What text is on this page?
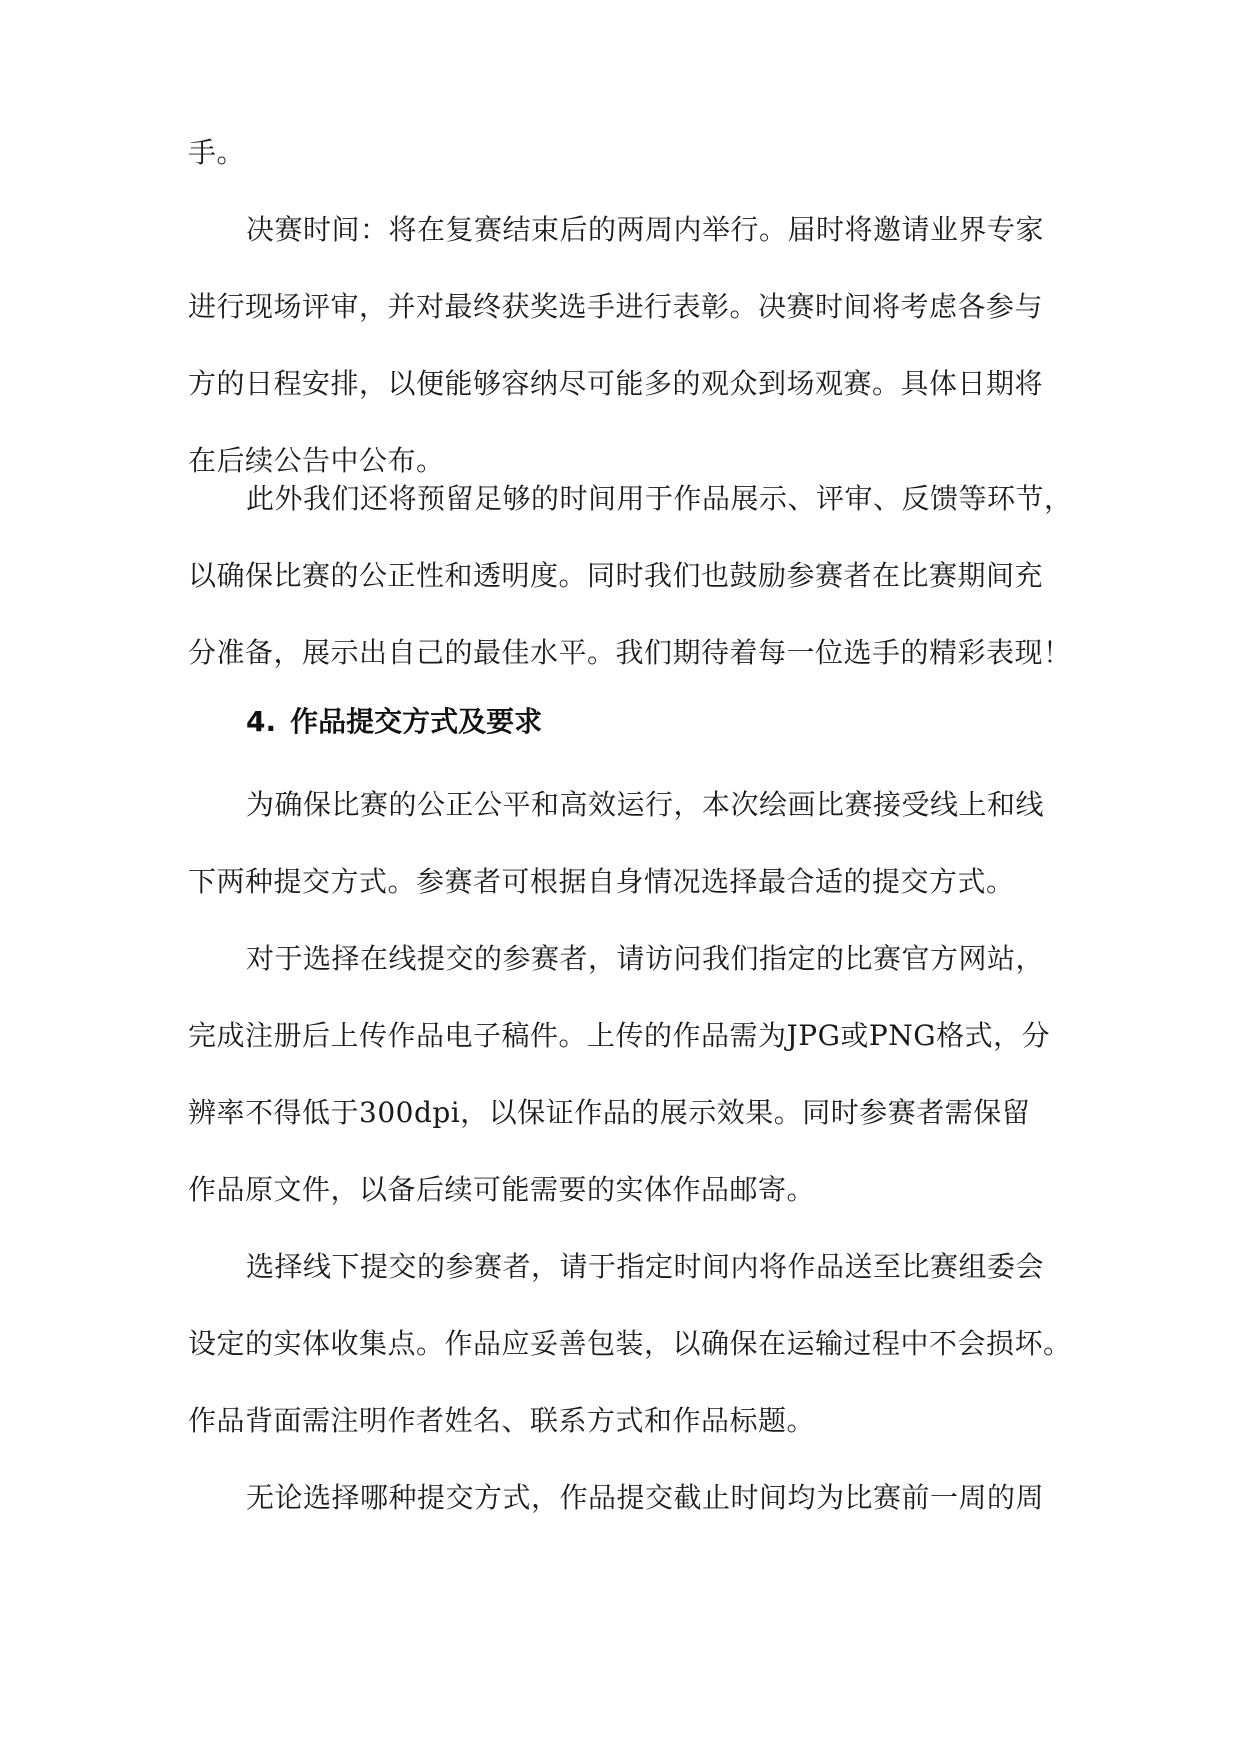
手。
决赛时间：将在复赛结束后的两周内举行。届时将邀请业界专家
进行现场评审，并对最终获奖选手进行表彰。决赛时间将考虑各参与
方的日程安排，以便能够容纳尽可能多的观众到场观赛。具体日期将
在后续公告中公布。
此外我们还将预留足够的时间用于作品展示、评审、反馈等环节，
以确保比赛的公正性和透明度。同时我们也鼓励参赛者在比赛期间充
分准备，展示出自己的最佳水平。我们期待着每一位选手的精彩表现！
4. 作品提交方式及要求
为确保比赛的公正公平和高效运行，本次绘画比赛接受线上和线
下两种提交方式。参赛者可根据自身情况选择最合适的提交方式。
对于选择在线提交的参赛者，请访问我们指定的比赛官方网站，
完成注册后上传作品电子稿件。上传的作品需为JPG或PNG格式，分
辨率不得低于300dpi，以保证作品的展示效果。同时参赛者需保留
作品原文件，以备后续可能需要的实体作品邮寄。
选择线下提交的参赛者，请于指定时间内将作品送至比赛组委会
设定的实体收集点。作品应妥善包装，以确保在运输过程中不会损坏。
作品背面需注明作者姓名、联系方式和作品标题。
无论选择哪种提交方式，作品提交截止时间均为比赛前一周的周
